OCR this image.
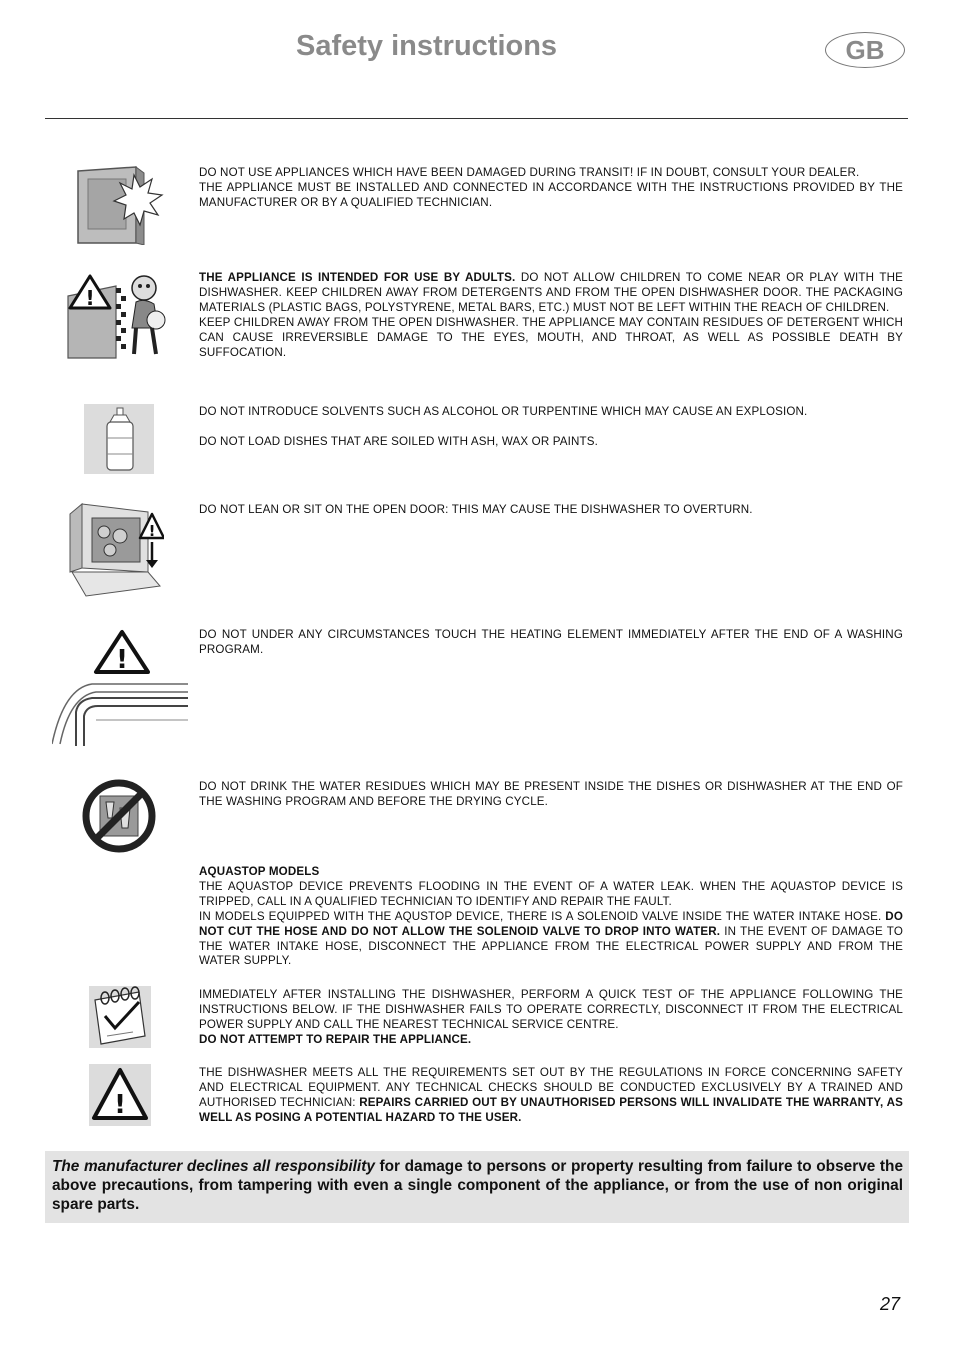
Safety instructions	GB

DO NOT USE APPLIANCES WHICH HAVE BEEN DAMAGED DURING TRANSIT! IF IN DOUBT, CONSULT YOUR DEALER.

THE APPLIANCE MUST BE INSTALLED AND CONNECTED IN ACCORDANCE WITH THE INSTRUCTIONS PROVIDED BY THE MANUFACTURER OR BY A QUALIFIED TECHNICIAN.

!

THE APPLIANCE IS INTENDED FOR USE BY ADULTS. DO NOT ALLOW CHILDREN TO COME NEAR OR PLAY WITH THE DISHWASHER. KEEP CHILDREN AWAY FROM DETERGENTS AND FROM THE OPEN DISHWASHER DOOR. THE PACKAGING MATERIALS (PLASTIC BAGS, POLYSTYRENE, METAL BARS, ETC.) MUST NOT BE LEFT WITHIN THE REACH OF CHILDREN.

KEEP CHILDREN AWAY FROM THE OPEN DISHWASHER. THE APPLIANCE MAY CONTAIN RESIDUES OF DETERGENT WHICH CAN CAUSE IRREVERSIBLE DAMAGE TO THE EYES, MOUTH, AND THROAT, AS WELL AS POSSIBLE DEATH BY SUFFOCATION.

DO NOT INTRODUCE SOLVENTS SUCH AS ALCOHOL OR TURPENTINE WHICH MAY CAUSE AN EXPLOSION.

DO NOT LOAD DISHES THAT ARE SOILED WITH ASH, WAX OR PAINTS.

!

DO NOT LEAN OR SIT ON THE OPEN DOOR: THIS MAY CAUSE THE DISHWASHER TO OVERTURN.

!

DO NOT UNDER ANY CIRCUMSTANCES TOUCH THE HEATING ELEMENT IMMEDIATELY AFTER THE END OF A WASHING PROGRAM.

DO NOT DRINK THE WATER RESIDUES WHICH MAY BE PRESENT INSIDE THE DISHES OR DISHWASHER AT THE END OF THE WASHING PROGRAM AND BEFORE THE DRYING CYCLE.

AQUASTOP MODELS

THE AQUASTOP DEVICE PREVENTS FLOODING IN THE EVENT OF A WATER LEAK. WHEN THE AQUASTOP DEVICE IS TRIPPED, CALL IN A QUALIFIED TECHNICIAN TO IDENTIFY AND REPAIR THE FAULT.

IN MODELS EQUIPPED WITH THE AQUSTOP DEVICE, THERE IS A SOLENOID VALVE INSIDE THE WATER INTAKE HOSE. DO NOT CUT THE HOSE AND DO NOT ALLOW THE SOLENOID VALVE TO DROP INTO WATER. IN THE EVENT OF DAMAGE TO THE WATER INTAKE HOSE, DISCONNECT THE APPLIANCE FROM THE ELECTRICAL POWER SUPPLY AND FROM THE WATER SUPPLY.

IMMEDIATELY AFTER INSTALLING THE DISHWASHER, PERFORM A QUICK TEST OF THE APPLIANCE FOLLOWING THE INSTRUCTIONS BELOW. IF THE DISHWASHER FAILS TO OPERATE CORRECTLY, DISCONNECT IT FROM THE ELECTRICAL POWER SUPPLY AND CALL THE NEAREST TECHNICAL SERVICE CENTRE.

DO NOT ATTEMPT TO REPAIR THE APPLIANCE.

!

THE DISHWASHER MEETS ALL THE REQUIREMENTS SET OUT BY THE REGULATIONS IN FORCE CONCERNING SAFETY AND ELECTRICAL EQUIPMENT. ANY TECHNICAL CHECKS SHOULD BE CONDUCTED EXCLUSIVELY BY A TRAINED AND AUTHORISED TECHNICIAN: REPAIRS CARRIED OUT BY UNAUTHORISED PERSONS WILL INVALIDATE THE WARRANTY, AS WELL AS POSING A POTENTIAL HAZARD TO THE USER.

The manufacturer declines all responsibility for damage to persons or property resulting from failure to observe the above precautions, from tampering with even a single component of the appliance, or from the use of non original spare parts.
27
